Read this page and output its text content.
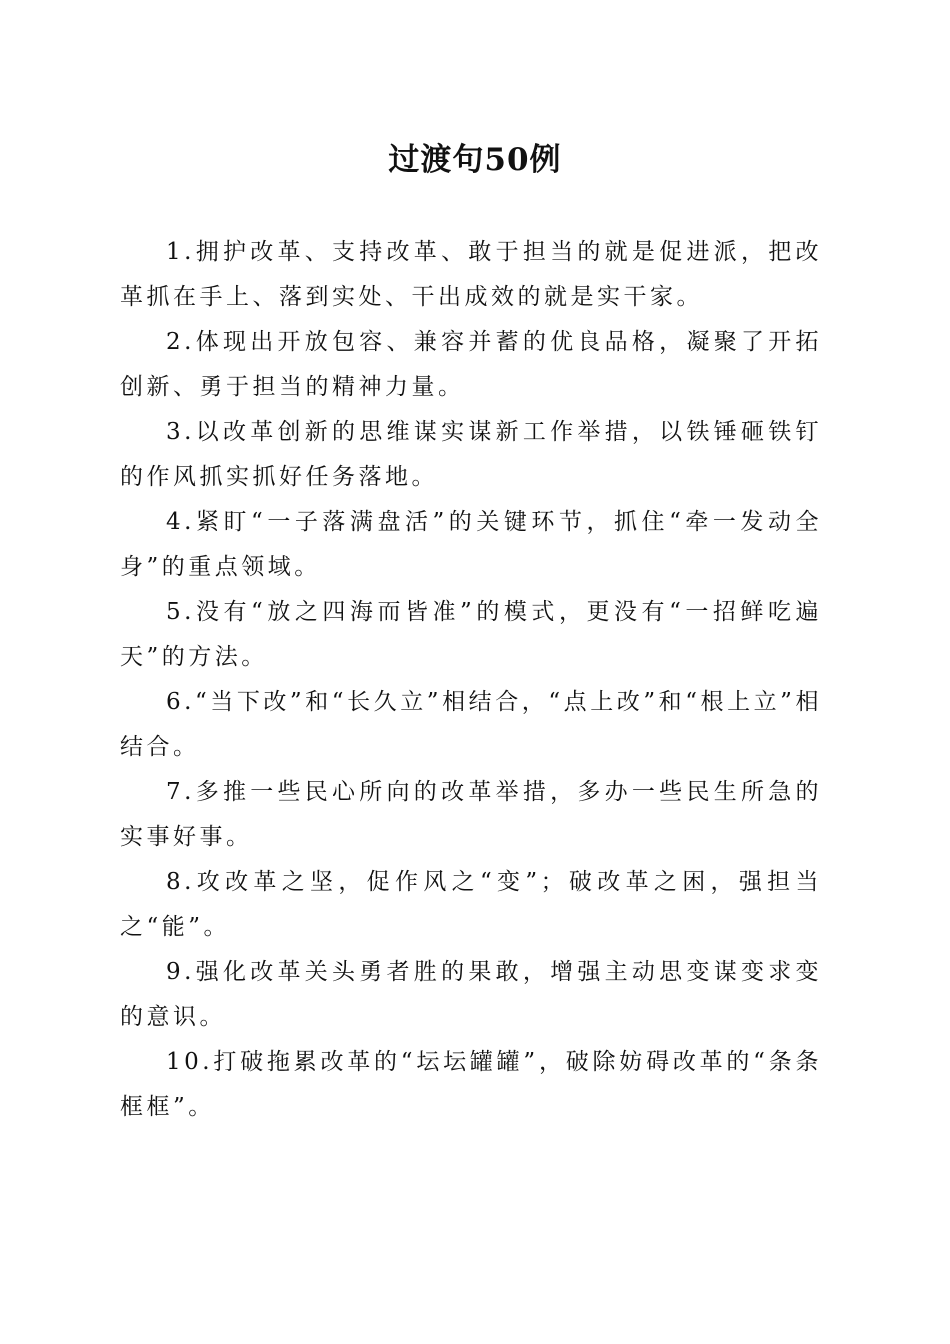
过渡句50例

1.拥护改革、支持改革、敢于担当的就是促进派，把改革抓在手上、落到实处、干出成效的就是实干家。

2.体现出开放包容、兼容并蓄的优良品格，凝聚了开拓创新、勇于担当的精神力量。

3.以改革创新的思维谋实谋新工作举措，以铁锤砸铁钉的作风抓实抓好任务落地。

4.紧盯“一子落满盘活”的关键环节，抓住“牵一发动全身”的重点领域。

5.没有“放之四海而皆准”的模式，更没有“一招鲜吃遍天”的方法。

6.“当下改”和“长久立”相结合，“点上改”和“根上立”相结合。

7.多推一些民心所向的改革举措，多办一些民生所急的实事好事。

8.攻改革之坚，促作风之“变”；破改革之困，强担当之“能”。

9.强化改革关头勇者胜的果敢，增强主动思变谋变求变的意识。

10.打破拖累改革的“坛坛罐罐”，破除妨碍改革的“条条框框”。
